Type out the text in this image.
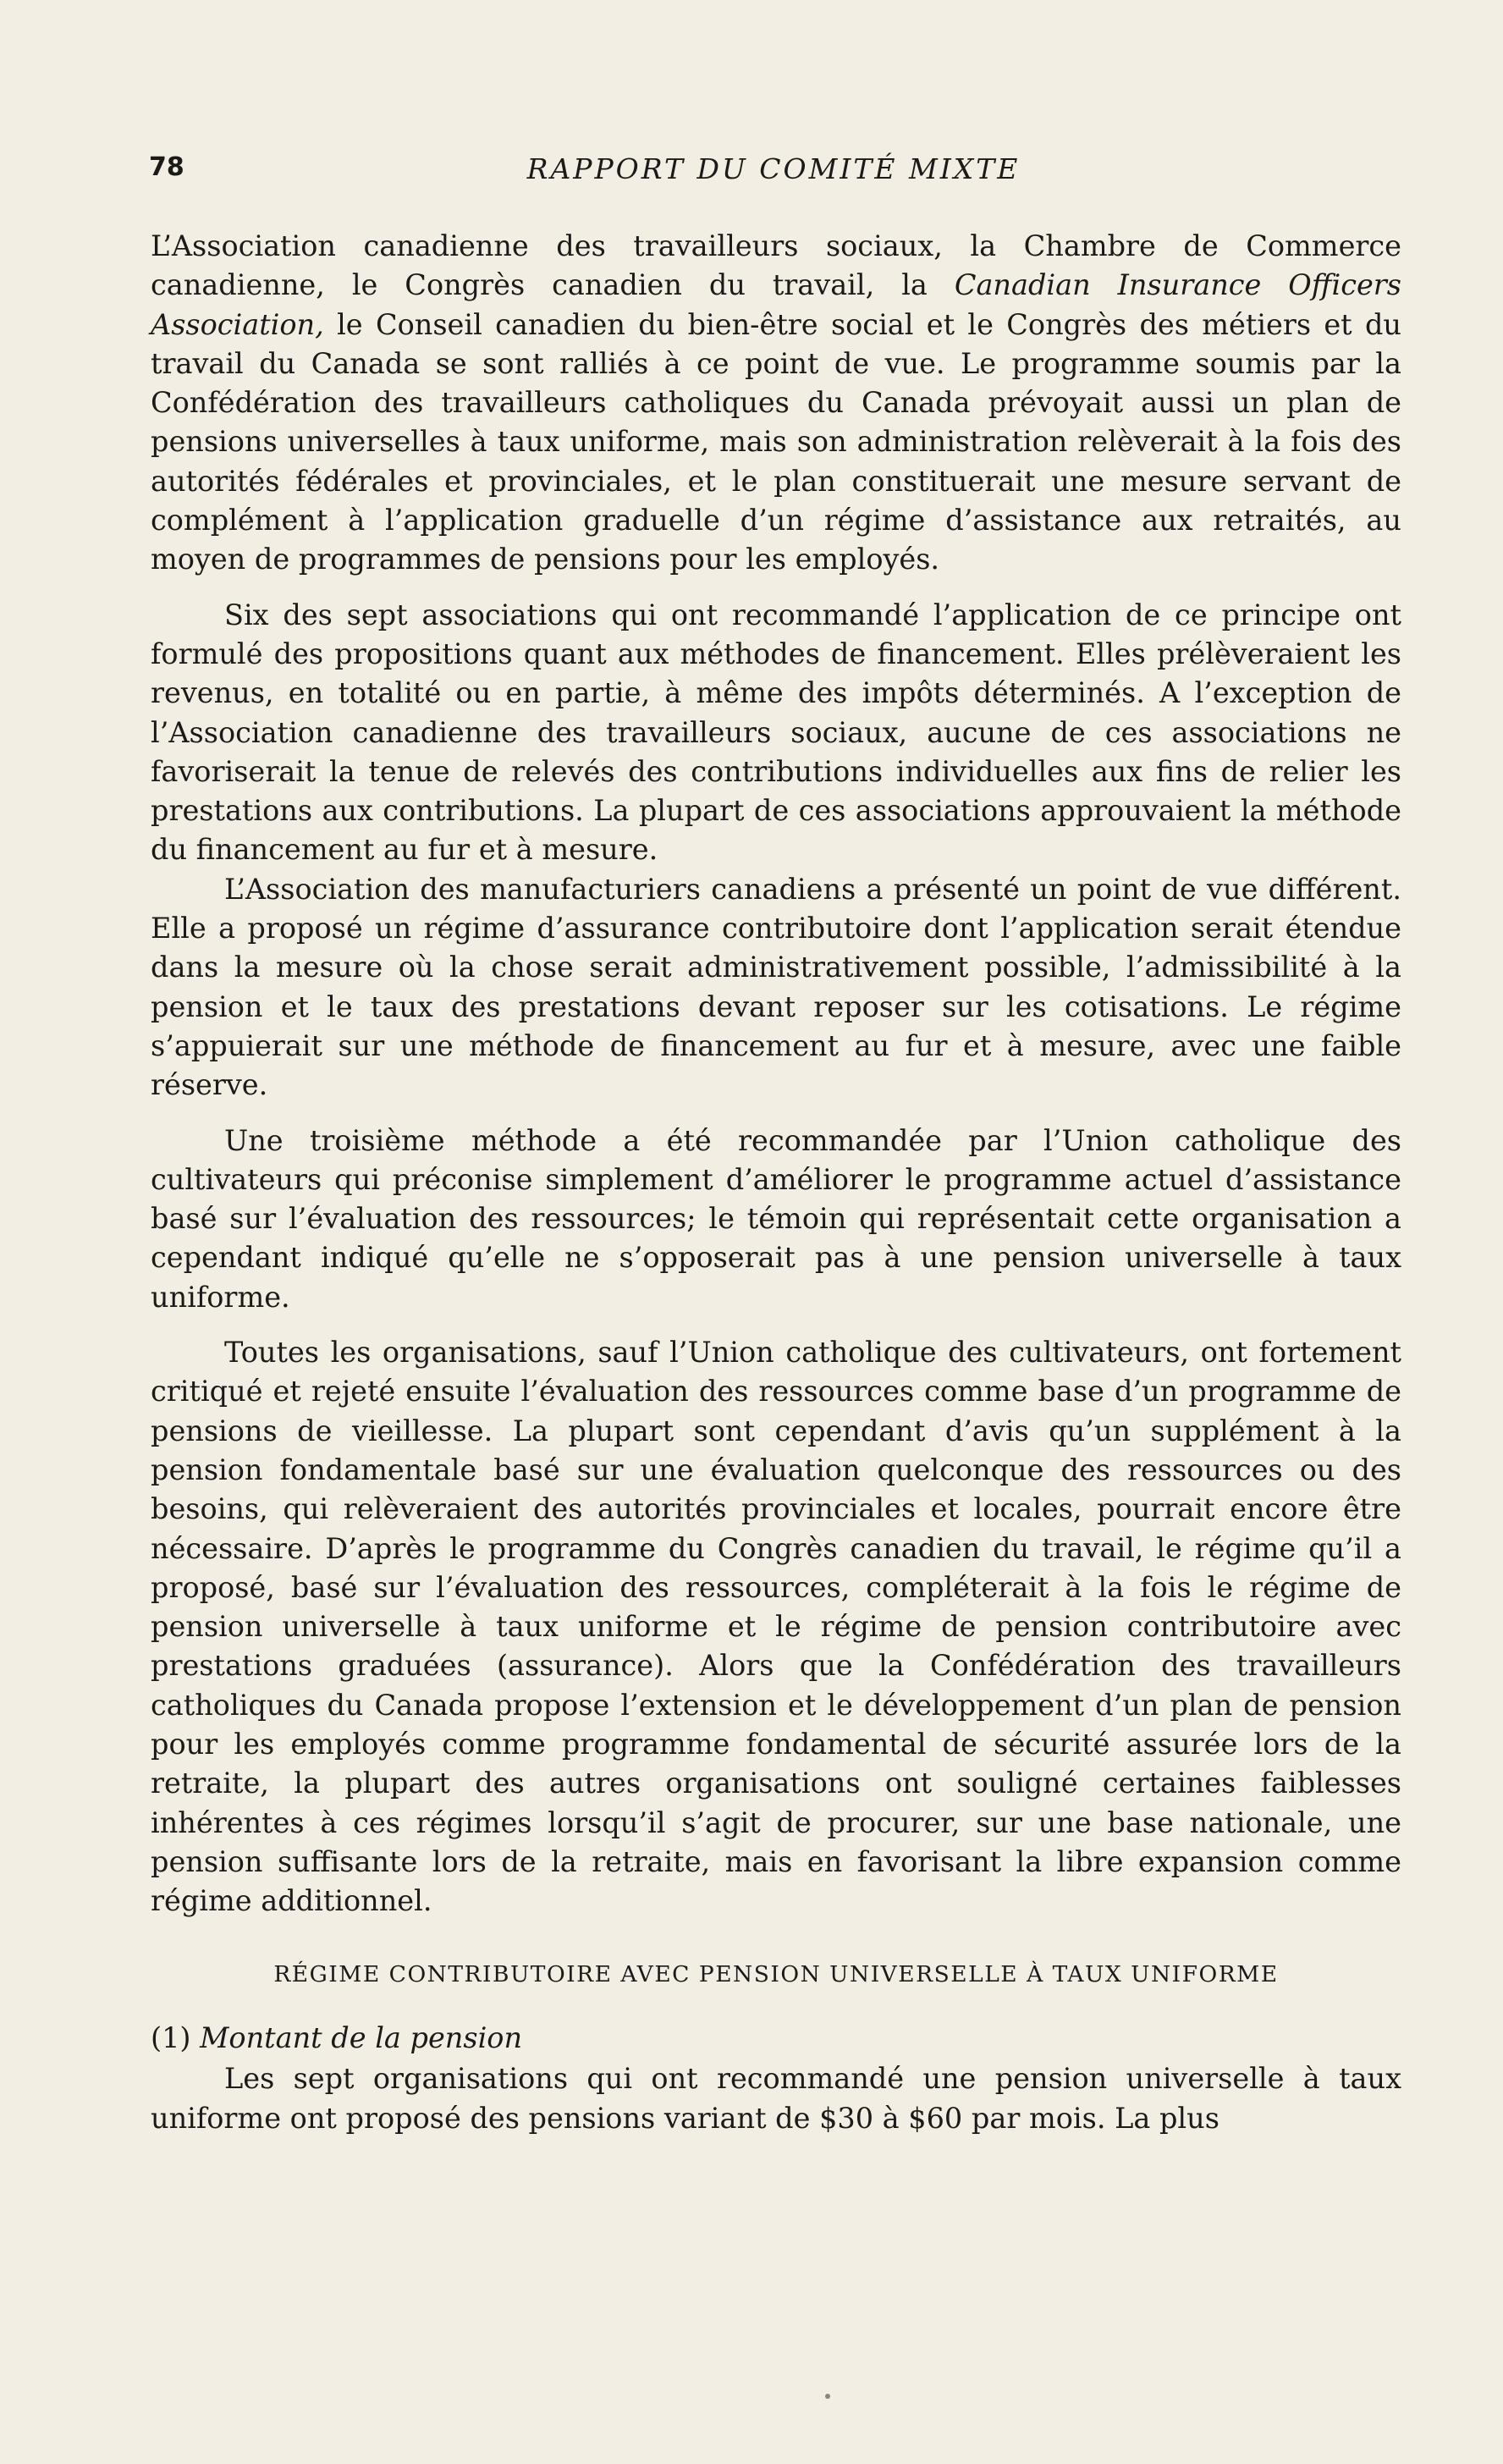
78	RAPPORT DU COMITÉ MIXTE

L’Association canadienne des travailleurs sociaux, la Chambre de Commerce canadienne, le Congrès canadien du travail, la Canadian Insurance Officers Association, le Conseil canadien du bien-être social et le Congrès des métiers et du travail du Canada se sont ralliés à ce point de vue. Le programme soumis par la Confédération des travailleurs catholiques du Canada prévoyait aussi un plan de pensions universelles à taux uniforme, mais son administration relèverait à la fois des autorités fédérales et provinciales, et le plan constituerait une mesure servant de complément à l’application graduelle d’un régime d’assistance aux retraités, au moyen de programmes de pensions pour les employés.

Six des sept associations qui ont recommandé l’application de ce principe ont formulé des propositions quant aux méthodes de financement. Elles prélèveraient les revenus, en totalité ou en partie, à même des impôts déterminés. A l’exception de l’Association canadienne des travailleurs sociaux, aucune de ces associations ne favoriserait la tenue de relevés des contributions individuelles aux fins de relier les prestations aux contributions. La plupart de ces associations approuvaient la méthode du financement au fur et à mesure.

L’Association des manufacturiers canadiens a présenté un point de vue différent. Elle a proposé un régime d’assurance contributoire dont l’application serait étendue dans la mesure où la chose serait administrativement possible, l’admissibilité à la pension et le taux des prestations devant reposer sur les cotisations. Le régime s’appuierait sur une méthode de financement au fur et à mesure, avec une faible réserve.

Une troisième méthode a été recommandée par l’Union catholique des cultivateurs qui préconise simplement d’améliorer le programme actuel d’assistance basé sur l’évaluation des ressources; le témoin qui représentait cette organisation a cependant indiqué qu’elle ne s’opposerait pas à une pension universelle à taux uniforme.

Toutes les organisations, sauf l’Union catholique des cultivateurs, ont fortement critiqué et rejeté ensuite l’évaluation des ressources comme base d’un programme de pensions de vieillesse. La plupart sont cependant d’avis qu’un supplément à la pension fondamentale basé sur une évaluation quelconque des ressources ou des besoins, qui relèveraient des autorités provinciales et locales, pourrait encore être nécessaire. D’après le programme du Congrès canadien du travail, le régime qu’il a proposé, basé sur l’évaluation des ressources, compléterait à la fois le régime de pension universelle à taux uniforme et le régime de pension contributoire avec prestations graduées (assurance). Alors que la Confédération des travailleurs catholiques du Canada propose l’extension et le développement d’un plan de pension pour les employés comme programme fondamental de sécurité assurée lors de la retraite, la plupart des autres organisations ont souligné certaines faiblesses inhérentes à ces régimes lorsqu’il s’agit de procurer, sur une base nationale, une pension suffisante lors de la retraite, mais en favorisant la libre expansion comme régime additionnel.

RÉGIME CONTRIBUTOIRE AVEC PENSION UNIVERSELLE À TAUX UNIFORME
(1) Montant de la pension

Les sept organisations qui ont recommandé une pension universelle à taux uniforme ont proposé des pensions variant de $30 à $60 par mois. La plus
